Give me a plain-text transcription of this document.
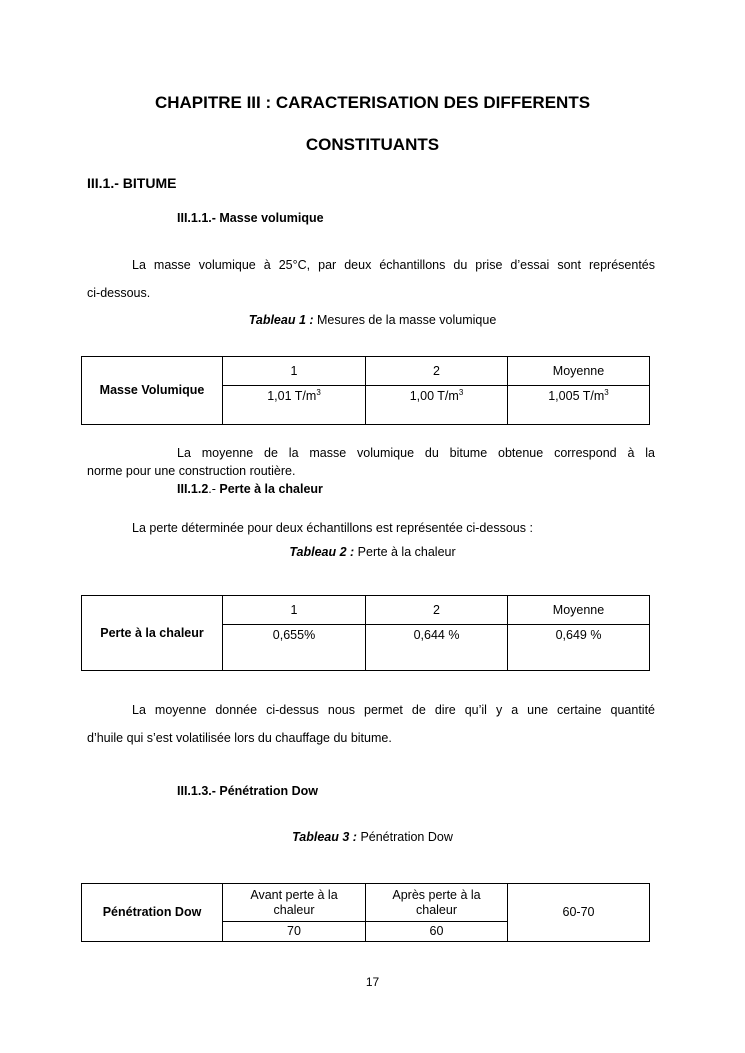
CHAPITRE III : CARACTERISATION DES DIFFERENTS
CONSTITUANTS
III.1.- BITUME
III.1.1.- Masse volumique
La masse volumique à 25°C, par deux échantillons du prise d’essai sont représentés
ci-dessous.
Tableau 1 : Mesures de la masse volumique
Masse Volumique	1	2	Moyenne
	1,01 $T/m^3$	1,00 $T/m^3$	1,005 $T/m^3$
La moyenne de la masse volumique du bitume obtenue correspond à la
norme pour une construction routière.
III.1.2.- Perte à la chaleur
La perte déterminée pour deux échantillons est représentée ci-dessous :
Tableau 2 : Perte à la chaleur
Perte à la chaleur	1	2	Moyenne
	0,655%	0,644 %	0,649 %
La moyenne donnée ci-dessus nous permet de dire qu’il y a une certaine quantité
d’huile qui s’est volatilisée lors du chauffage du bitume.
III.1.3.- Pénétration Dow
Tableau 3 : Pénétration Dow
Pénétration Dow	Avant perte à la chaleur	Après perte à la chaleur	60-70
	70	60	
17
